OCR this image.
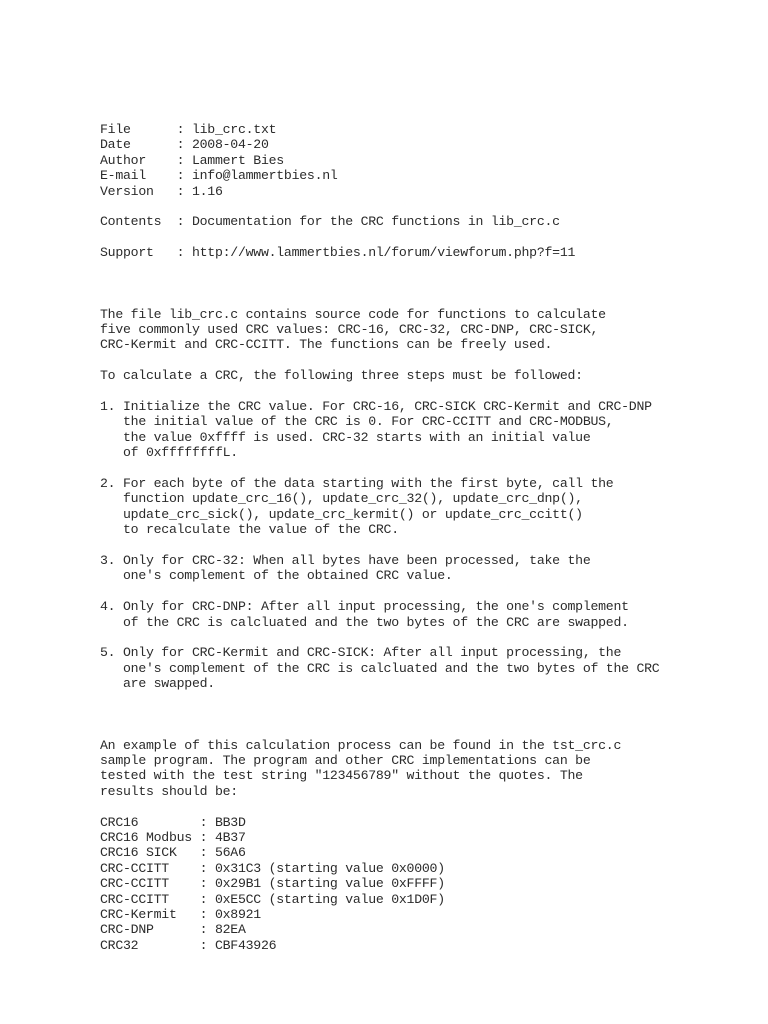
File      : lib_crc.txt
Date      : 2008-04-20
Author    : Lammert Bies
E-mail    : info@lammertbies.nl
Version   : 1.16
Contents  : Documentation for the CRC functions in lib_crc.c
Support   : http://www.lammertbies.nl/forum/viewforum.php?f=11
The file lib_crc.c contains source code for functions to calculate
five commonly used CRC values: CRC-16, CRC-32, CRC-DNP, CRC-SICK,
CRC-Kermit and CRC-CCITT. The functions can be freely used.
To calculate a CRC, the following three steps must be followed:
1. Initialize the CRC value. For CRC-16, CRC-SICK CRC-Kermit and CRC-DNP
the initial value of the CRC is 0. For CRC-CCITT and CRC-MODBUS,
the value 0xffff is used. CRC-32 starts with an initial value
of 0xffffffffL.
2. For each byte of the data starting with the first byte, call the
function update_crc_16(), update_crc_32(), update_crc_dnp(),
update_crc_sick(), update_crc_kermit() or update_crc_ccitt()
to recalculate the value of the CRC.
3. Only for CRC-32: When all bytes have been processed, take the
one's complement of the obtained CRC value.
4. Only for CRC-DNP: After all input processing, the one's complement
of the CRC is calcluated and the two bytes of the CRC are swapped.
5. Only for CRC-Kermit and CRC-SICK: After all input processing, the
one's complement of the CRC is calcluated and the two bytes of the CRC
are swapped.
An example of this calculation process can be found in the tst_crc.c
sample program. The program and other CRC implementations can be
tested with the test string "123456789" without the quotes. The
results should be:
CRC16        : BB3D
CRC16 Modbus : 4B37
CRC16 SICK   : 56A6
CRC-CCITT    : 0x31C3 (starting value 0x0000)
CRC-CCITT    : 0x29B1 (starting value 0xFFFF)
CRC-CCITT    : 0xE5CC (starting value 0x1D0F)
CRC-Kermit   : 0x8921
CRC-DNP      : 82EA
CRC32        : CBF43926
